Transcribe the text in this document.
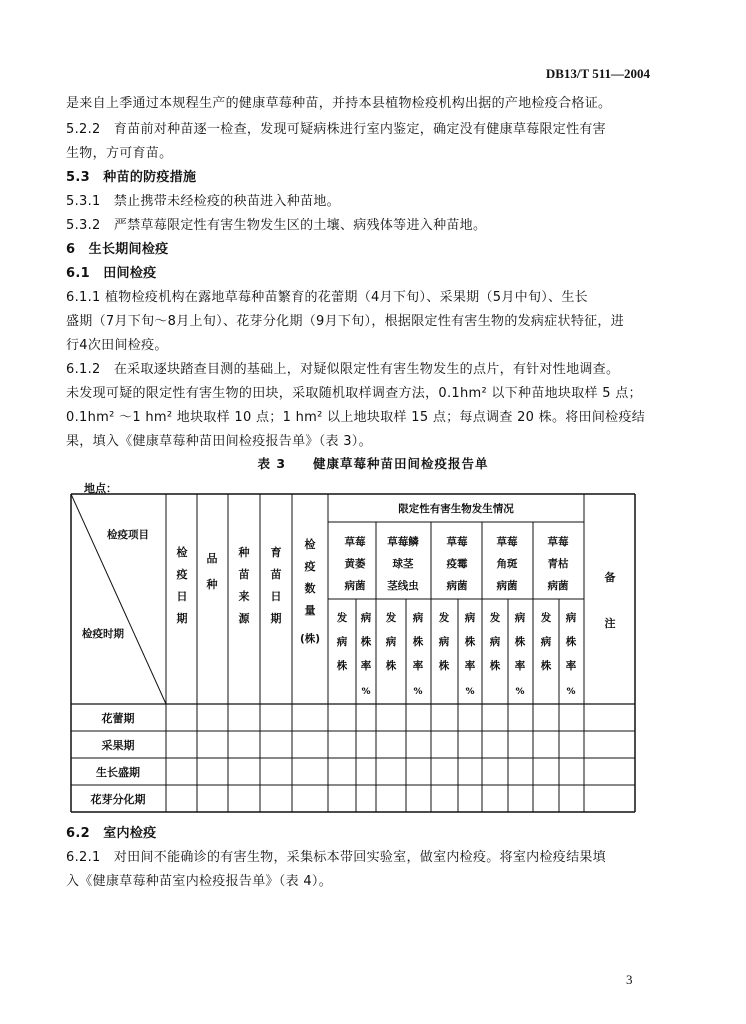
DB13/T 511—2004
是来自上季通过本规程生产的健康草莓种苗，并持本县植物检疫机构出据的产地检疫合格证。
5.2.2　育苗前对种苗逐一检查，发现可疑病株进行室内鉴定，确定没有健康草莓限定性有害
生物，方可育苗。
5.3　种苗的防疫措施
5.3.1　禁止携带未经检疫的秧苗进入种苗地。
5.3.2　严禁草莓限定性有害生物发生区的土壤、病残体等进入种苗地。
6　生长期间检疫
6.1　田间检疫
6.1.1 植物检疫机构在露地草莓种苗繁育的花蕾期（4月下旬）、采果期（5月中旬）、生长
盛期（7月下旬～8月上旬）、花芽分化期（9月下旬），根据限定性有害生物的发病症状特征，进
行4次田间检疫。
6.1.2　在采取逐块踏查目测的基础上，对疑似限定性有害生物发生的点片，有针对性地调查。
未发现可疑的限定性有害生物的田块，采取随机取样调查方法，0.1hm² 以下种苗地块取样 5 点；
0.1hm² ～1 hm² 地块取样 10 点；1 hm² 以上地块取样 15 点；每点调查 20 株。将田间检疫结
果，填入《健康草莓种苗田间检疫报告单》（表 3）。
6.2　室内检疫
6.2.1　对田间不能确诊的有害生物，采集标本带回实验室，做室内检疫。将室内检疫结果填
入《健康草莓种苗室内检疫报告单》（表 4）。
表 3　　健康草莓种苗田间检疫报告单
地点：
检疫项目
检疫时期
检疫日期
品种
种苗来源
育苗日期
检疫数量
(株)
限定性有害生物发生情况
草莓
黄萎
病菌
草莓鳞
球茎
茎线虫
草莓
疫霉
病菌
草莓
角斑
病菌
草莓
青枯
病菌
发病株
病株率
%
发病株
病株率
%
发病株
病株率
%
发病株
病株率
%
发病株
病株率
%
备注
花蕾期
采果期
生长盛期
花芽分化期
3
